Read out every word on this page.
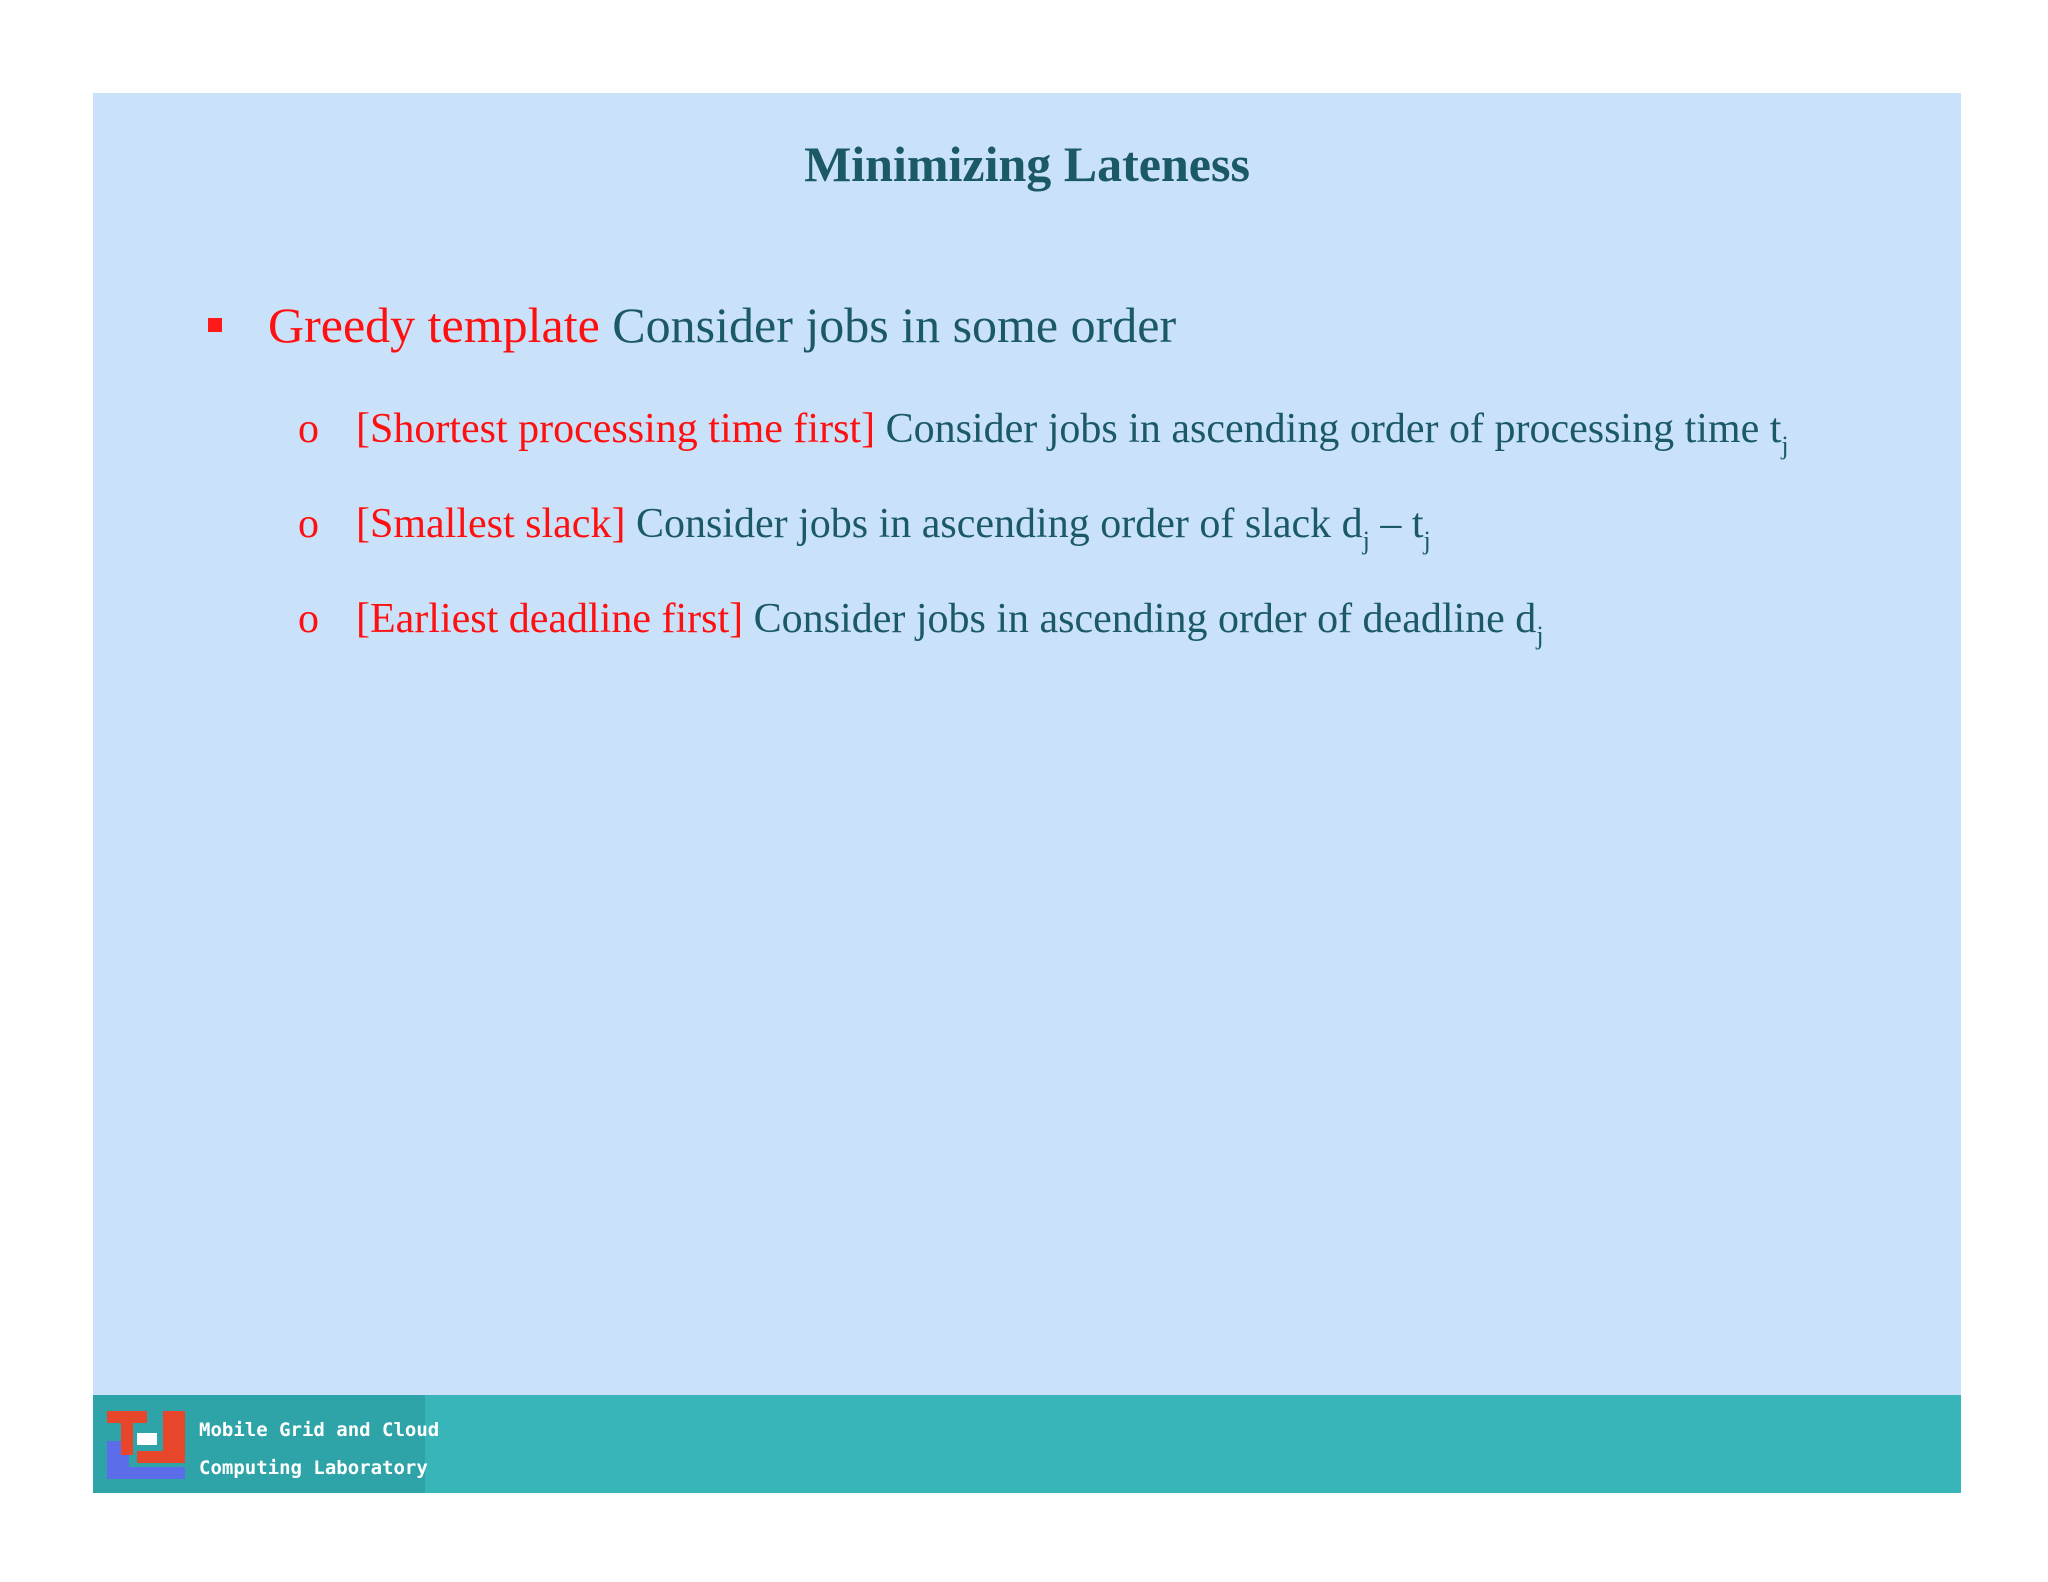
Minimizing Lateness
Greedy template Consider jobs in some order
o [Shortest processing time first] Consider jobs in ascending order of processing time $t_j$
o [Smallest slack] Consider jobs in ascending order of slack $d_j - t_j$
o [Earliest deadline first] Consider jobs in ascending order of deadline $d_j$
Mobile Grid and Cloud
Computing Laboratory
